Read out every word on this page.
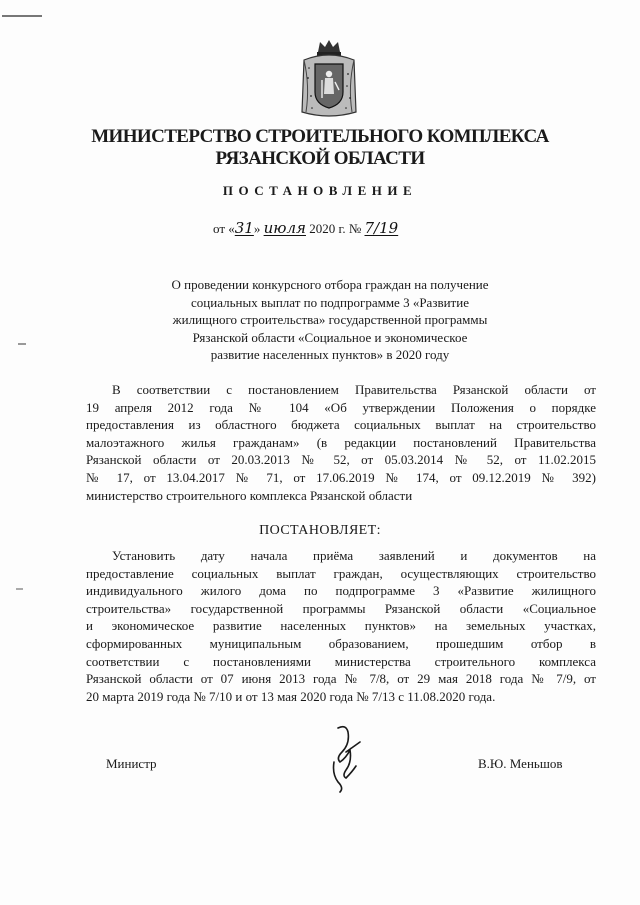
МИНИСТЕРСТВО СТРОИТЕЛЬНОГО КОМПЛЕКСА
РЯЗАНСКОЙ ОБЛАСТИ
ПОСТАНОВЛЕНИЕ
от «31» июля 2020 г. № 7/19
О проведении конкурсного отбора граждан на получение
социальных выплат по подпрограмме 3 «Развитие
жилищного строительства» государственной программы
Рязанской области «Социальное и экономическое
развитие населенных пунктов» в 2020 году
В соответствии с постановлением Правительства Рязанской области от
19 апреля 2012 года № 104 «Об утверждении Положения о порядке
предоставления из областного бюджета социальных выплат на строительство
малоэтажного жилья гражданам» (в редакции постановлений Правительства
Рязанской области от 20.03.2013 № 52, от 05.03.2014 № 52, от 11.02.2015
№ 17, от 13.04.2017 № 71, от 17.06.2019 № 174, от 09.12.2019 № 392)
министерство строительного комплекса Рязанской области
ПОСТАНОВЛЯЕТ:
Установить дату начала приёма заявлений и документов на
предоставление социальных выплат граждан, осуществляющих строительство
индивидуального жилого дома по подпрограмме 3 «Развитие жилищного
строительства» государственной программы Рязанской области «Социальное
и экономическое развитие населенных пунктов» на земельных участках,
сформированных муниципальным образованием, прошедшим отбор в
соответствии с постановлениями министерства строительного комплекса
Рязанской области от 07 июня 2013 года № 7/8, от 29 мая 2018 года № 7/9, от
20 марта 2019 года № 7/10 и от 13 мая 2020 года № 7/13 с 11.08.2020 года.
Министр	В.Ю. Меньшов
